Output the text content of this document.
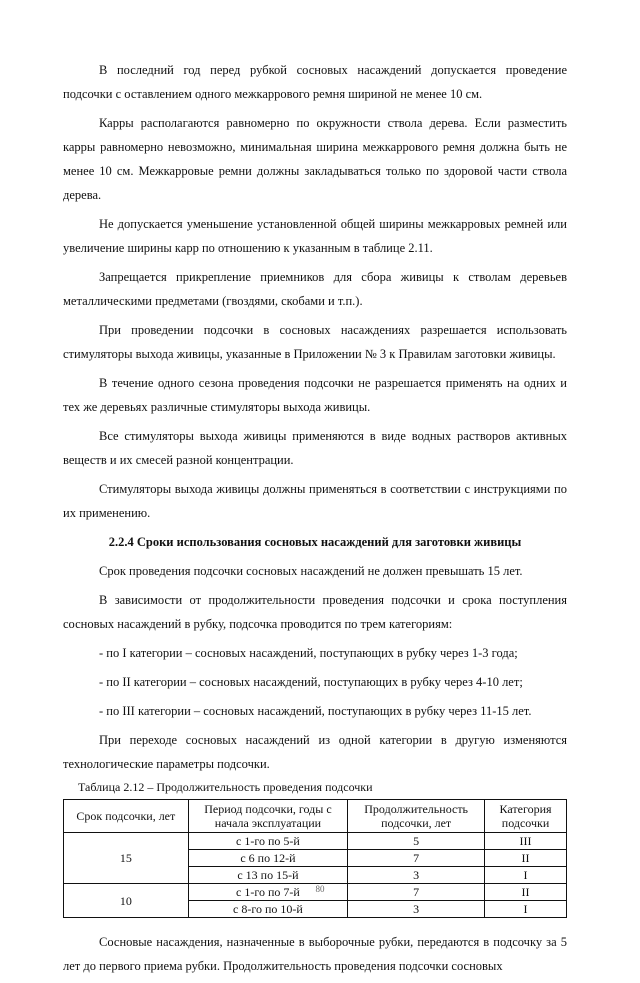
В последний год перед рубкой сосновых насаждений допускается проведение подсочки с оставлением одного межкаррового ремня шириной не менее 10 см.

Карры располагаются равномерно по окружности ствола дерева. Если разместить карры равномерно невозможно, минимальная ширина межкаррового ремня должна быть не менее 10 см. Межкарровые ремни должны закладываться только по здоровой части ствола дерева.

Не допускается уменьшение установленной общей ширины межкарровых ремней или увеличение ширины карр по отношению к указанным в таблице 2.11.

Запрещается прикрепление приемников для сбора живицы к стволам деревьев металлическими предметами (гвоздями, скобами и т.п.).

При проведении подсочки в сосновых насаждениях разрешается использовать стимуляторы выхода живицы, указанные в Приложении № 3 к Правилам заготовки живицы.

В течение одного сезона проведения подсочки не разрешается применять на одних и тех же деревьях различные стимуляторы выхода живицы.

Все стимуляторы выхода живицы применяются в виде водных растворов активных веществ и их смесей разной концентрации.

Стимуляторы выхода живицы должны применяться в соответствии с инструкциями по их применению.

2.2.4 Сроки использования сосновых насаждений для заготовки живицы

Срок проведения подсочки сосновых насаждений не должен превышать 15 лет.

В зависимости от продолжительности проведения подсочки и срока поступления сосновых насаждений в рубку, подсочка проводится по трем категориям:

- по I категории – сосновых насаждений, поступающих в рубку через 1-3 года;
- по II категории – сосновых насаждений, поступающих в рубку через 4-10 лет;
- по III категории – сосновых насаждений, поступающих в рубку через 11-15 лет.

При переходе сосновых насаждений из одной категории в другую изменяются технологические параметры подсочки.

Таблица 2.12 – Продолжительность проведения подсочки
Срок подсочки, лет	Период подсочки, годы с начала эксплуатации	Продолжительность подсочки, лет	Категория подсочки
15	с 1-го по 5-й	5	III
	с 6 по 12-й	7	II
	с 13 по 15-й	3	I
10	с 1-го по 7-й	7	II
	с 8-го по 10-й	3	I

Сосновые насаждения, назначенные в выборочные рубки, передаются в подсочку за 5 лет до первого приема рубки. Продолжительность проведения подсочки сосновых

80
